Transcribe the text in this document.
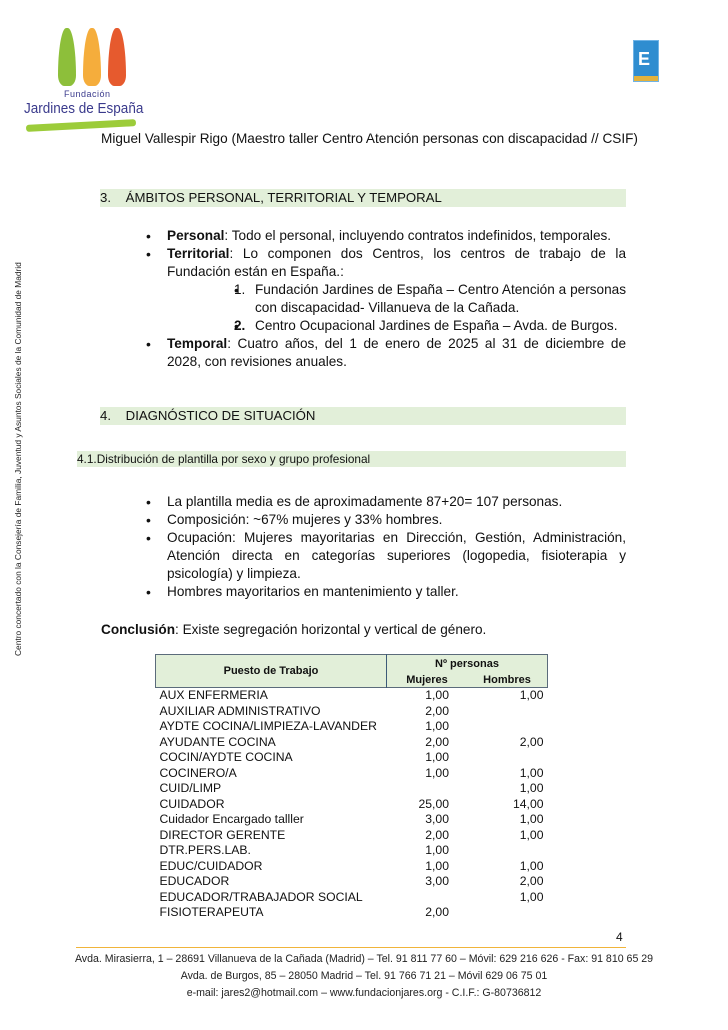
Fundación
Jardines de España
E
Miguel Vallespir Rigo (Maestro taller Centro Atención personas con discapacidad // CSIF)
Centro concertado con la Consejería de Familia, Juventud y Asuntos Sociales de la Comunidad de Madrid
3. ÁMBITOS PERSONAL, TERRITORIAL Y TEMPORAL
• Personal: Todo el personal, incluyendo contratos indefinidos, temporales.
• Territorial: Lo componen dos Centros, los centros de trabajo de la Fundación están en España.:
• 1. Fundación Jardines de España – Centro Atención a personas con discapacidad- Villanueva de la Cañada.
• 2. Centro Ocupacional Jardines de España – Avda. de Burgos.
• Temporal: Cuatro años, del 1 de enero de 2025 al 31 de diciembre de 2028, con revisiones anuales.
4. DIAGNÓSTICO DE SITUACIÓN
4.1.Distribución de plantilla por sexo y grupo profesional
• La plantilla media es de aproximadamente 87+20= 107 personas.
• Composición: ~67% mujeres y 33% hombres.
• Ocupación: Mujeres mayoritarias en Dirección, Gestión, Administración, Atención directa en categorías superiores (logopedia, fisioterapia y psicología) y limpieza.
• Hombres mayoritarios en mantenimiento y taller.
Conclusión: Existe segregación horizontal y vertical de género.
Puesto de Trabajo	Nº personas	
	Mujeres	Hombres
AUX ENFERMERIA	1,00	1,00
AUXILIAR ADMINISTRATIVO	2,00	
AYDTE COCINA/LIMPIEZA-LAVANDER	1,00	
AYUDANTE COCINA	2,00	2,00
COCIN/AYDTE COCINA	1,00	
COCINERO/A	1,00	1,00
CUID/LIMP		1,00
CUIDADOR	25,00	14,00
Cuidador Encargado talller	3,00	1,00
DIRECTOR GERENTE	2,00	1,00
DTR.PERS.LAB.	1,00	
EDUC/CUIDADOR	1,00	1,00
EDUCADOR	3,00	2,00
EDUCADOR/TRABAJADOR SOCIAL		1,00
FISIOTERAPEUTA	2,00	
4
Avda. Mirasierra, 1 – 28691 Villanueva de la Cañada (Madrid) – Tel. 91 811 77 60 – Móvil: 629 216 626 - Fax: 91 810 65 29
Avda. de Burgos, 85 – 28050 Madrid – Tel. 91 766 71 21 – Móvil 629 06 75 01
e-mail: jares2@hotmail.com – www.fundacionjares.org - C.I.F.: G-80736812
